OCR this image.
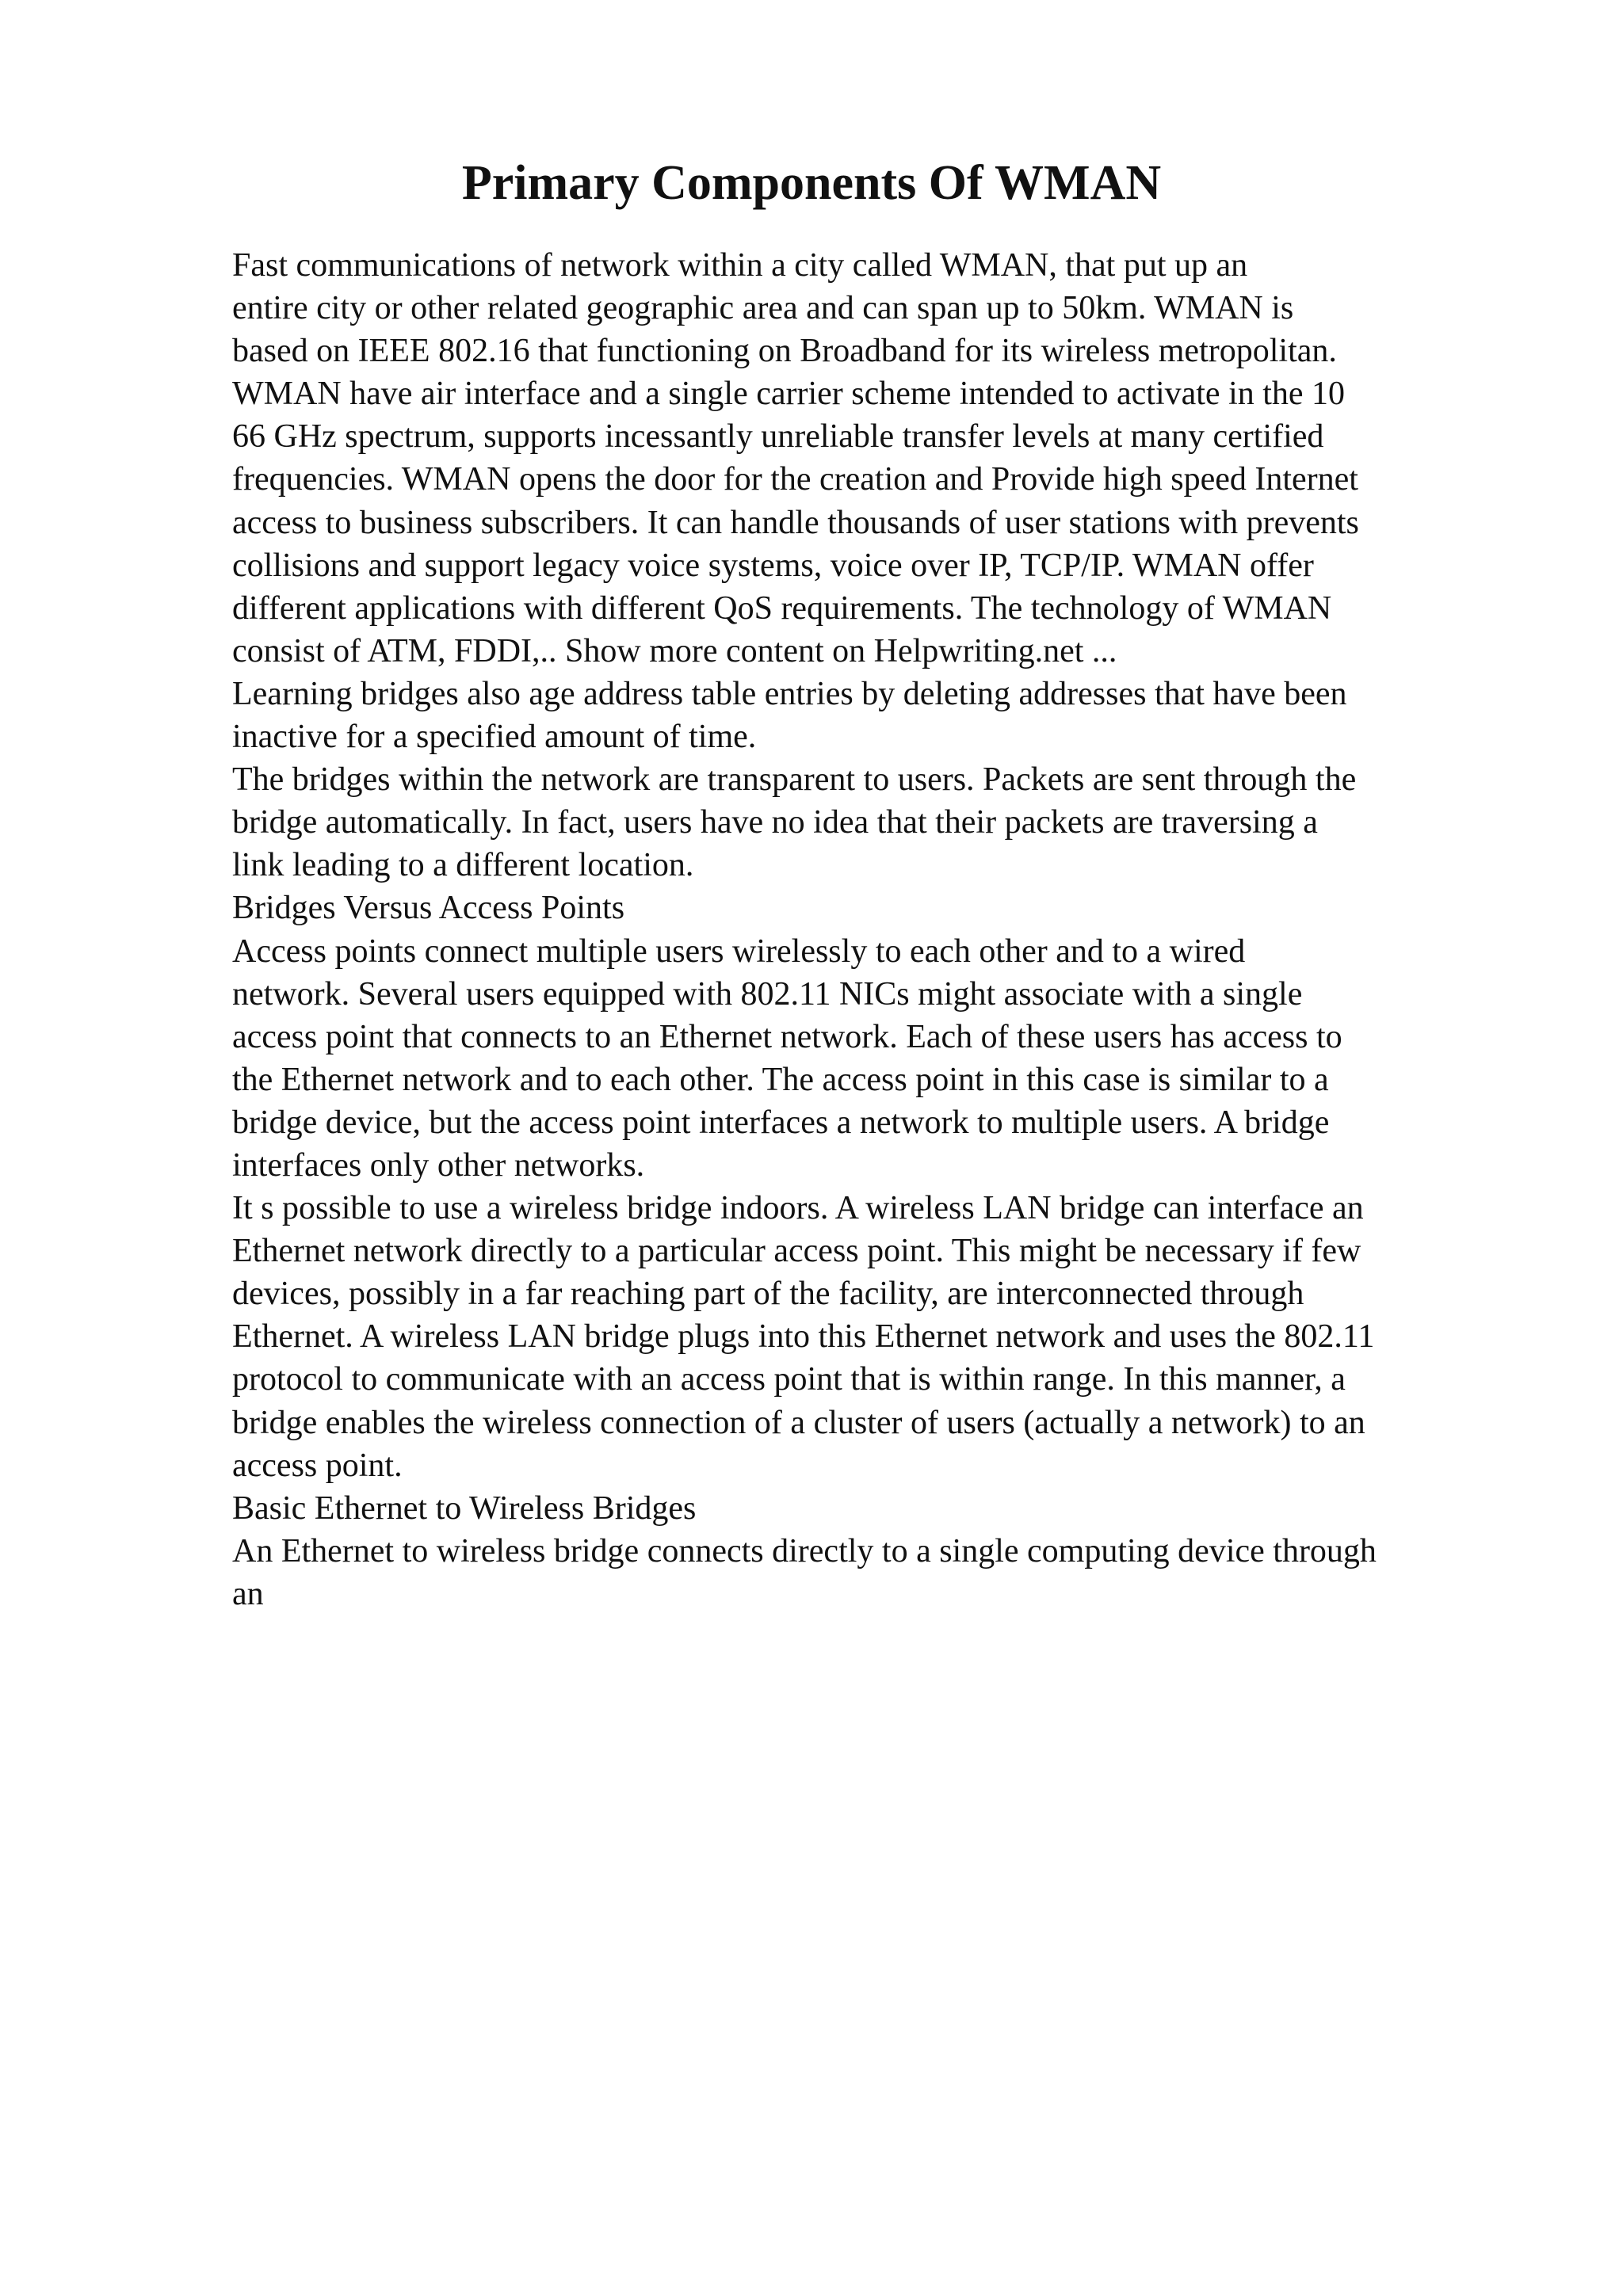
Primary Components Of WMAN

Fast communications of network within a city called WMAN, that put up an

entire city or other related geographic area and can span up to 50km. WMAN is

based on IEEE 802.16 that functioning on Broadband for its wireless metropolitan.

WMAN have air interface and a single carrier scheme intended to activate in the 10

66 GHz spectrum, supports incessantly unreliable transfer levels at many certified

frequencies. WMAN opens the door for the creation and Provide high speed Internet

access to business subscribers. It can handle thousands of user stations with prevents

collisions and support legacy voice systems, voice over IP, TCP/IP. WMAN offer

different applications with different QoS requirements. The technology of WMAN

consist of ATM, FDDI,.. Show more content on Helpwriting.net ...

Learning bridges also age address table entries by deleting addresses that have been

inactive for a specified amount of time.

The bridges within the network are transparent to users. Packets are sent through the

bridge automatically. In fact, users have no idea that their packets are traversing a

link leading to a different location.

Bridges Versus Access Points

Access points connect multiple users wirelessly to each other and to a wired

network. Several users equipped with 802.11 NICs might associate with a single

access point that connects to an Ethernet network. Each of these users has access to

the Ethernet network and to each other. The access point in this case is similar to a

bridge device, but the access point interfaces a network to multiple users. A bridge

interfaces only other networks.

It s possible to use a wireless bridge indoors. A wireless LAN bridge can interface an

Ethernet network directly to a particular access point. This might be necessary if few

devices, possibly in a far reaching part of the facility, are interconnected through

Ethernet. A wireless LAN bridge plugs into this Ethernet network and uses the 802.11

protocol to communicate with an access point that is within range. In this manner, a

bridge enables the wireless connection of a cluster of users (actually a network) to an

access point.

Basic Ethernet to Wireless Bridges

An Ethernet to wireless bridge connects directly to a single computing device through

an
